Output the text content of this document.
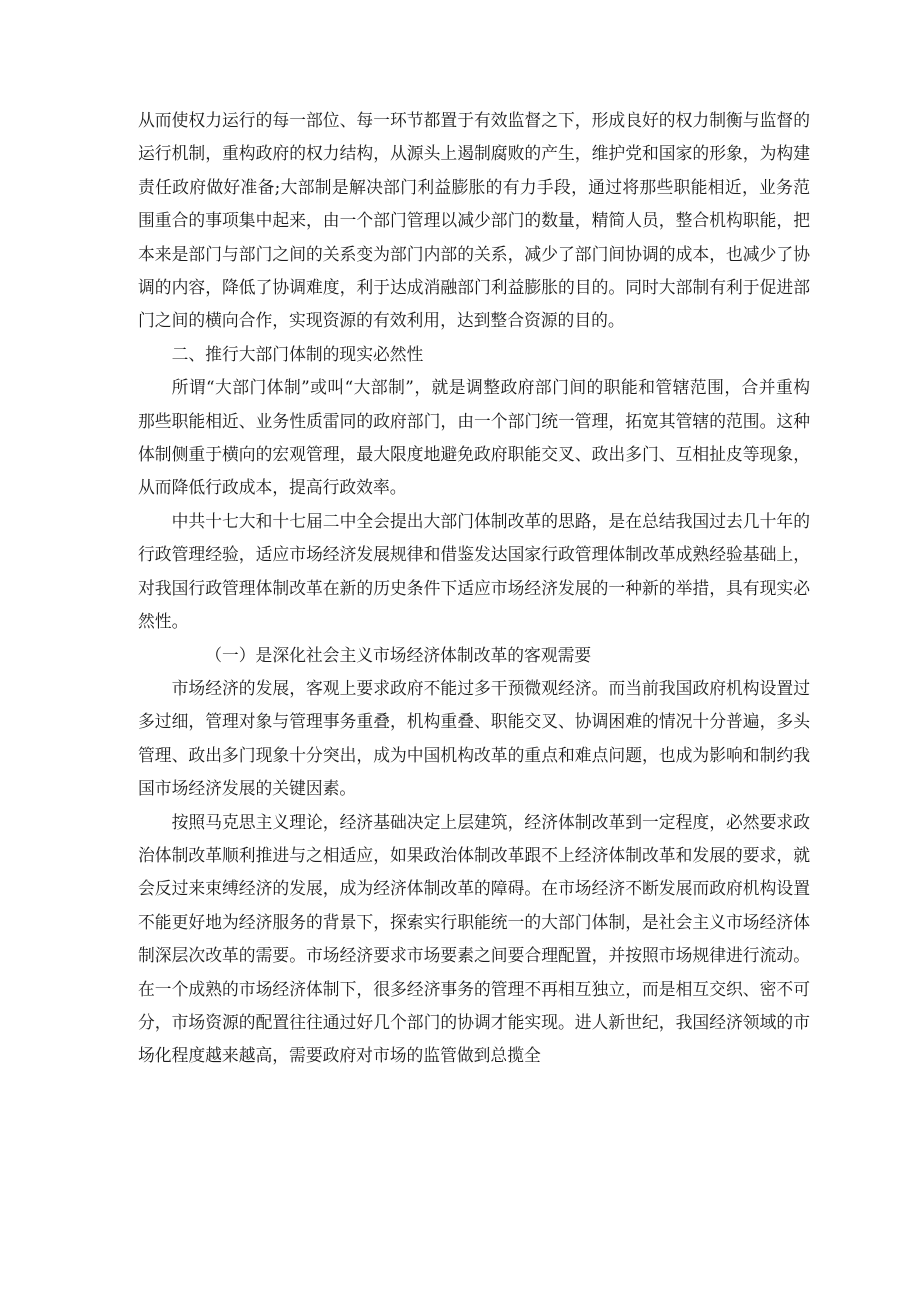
从而使权力运行的每一部位、每一环节都置于有效监督之下，形成良好的权力制衡与监督的运行机制，重构政府的权力结构，从源头上遏制腐败的产生，维护党和国家的形象，为构建责任政府做好准备;大部制是解决部门利益膨胀的有力手段，通过将那些职能相近，业务范围重合的事项集中起来，由一个部门管理以减少部门的数量，精简人员，整合机构职能，把本来是部门与部门之间的关系变为部门内部的关系，减少了部门间协调的成本，也减少了协调的内容，降低了协调难度，利于达成消融部门利益膨胀的目的。同时大部制有利于促进部门之间的横向合作，实现资源的有效利用，达到整合资源的目的。

二、推行大部门体制的现实必然性

所谓“大部门体制”或叫“大部制”，就是调整政府部门间的职能和管辖范围，合并重构那些职能相近、业务性质雷同的政府部门，由一个部门统一管理，拓宽其管辖的范围。这种体制侧重于横向的宏观管理，最大限度地避免政府职能交叉、政出多门、互相扯皮等现象，从而降低行政成本，提高行政效率。

中共十七大和十七届二中全会提出大部门体制改革的思路，是在总结我国过去几十年的行政管理经验，适应市场经济发展规律和借鉴发达国家行政管理体制改革成熟经验基础上，对我国行政管理体制改革在新的历史条件下适应市场经济发展的一种新的举措，具有现实必然性。

（一）是深化社会主义市场经济体制改革的客观需要

市场经济的发展，客观上要求政府不能过多干预微观经济。而当前我国政府机构设置过多过细，管理对象与管理事务重叠，机构重叠、职能交叉、协调困难的情况十分普遍，多头管理、政出多门现象十分突出，成为中国机构改革的重点和难点问题，也成为影响和制约我国市场经济发展的关键因素。

按照马克思主义理论，经济基础决定上层建筑，经济体制改革到一定程度，必然要求政治体制改革顺利推进与之相适应，如果政治体制改革跟不上经济体制改革和发展的要求，就会反过来束缚经济的发展，成为经济体制改革的障碍。在市场经济不断发展而政府机构设置不能更好地为经济服务的背景下，探索实行职能统一的大部门体制，是社会主义市场经济体制深层次改革的需要。市场经济要求市场要素之间要合理配置，并按照市场规律进行流动。在一个成熟的市场经济体制下，很多经济事务的管理不再相互独立，而是相互交织、密不可分，市场资源的配置往往通过好几个部门的协调才能实现。进人新世纪，我国经济领域的市场化程度越来越高，需要政府对市场的监管做到总揽全
